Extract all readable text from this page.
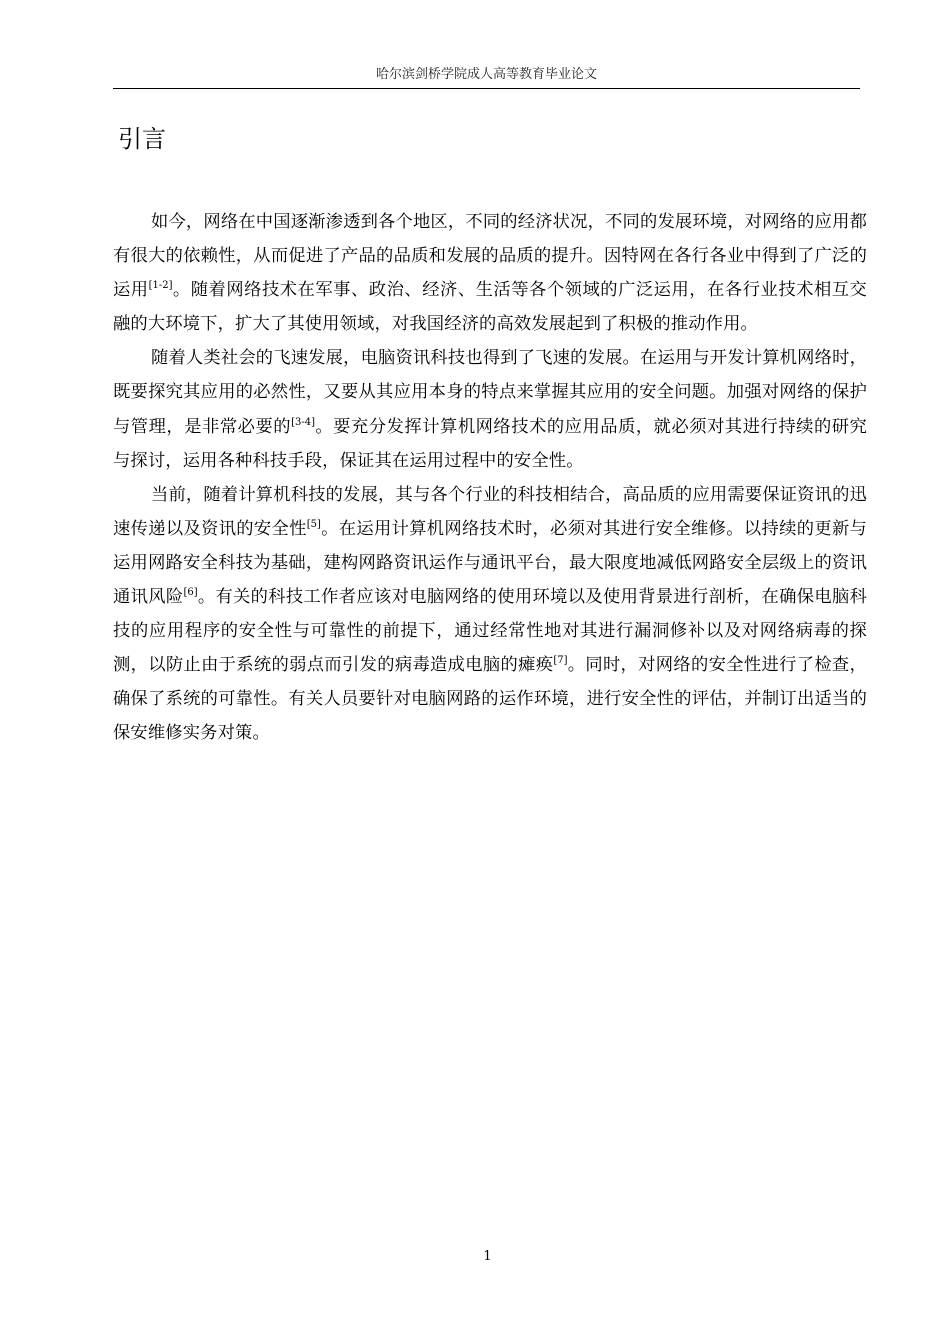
哈尔滨剑桥学院成人高等教育毕业论文
引言

如今，网络在中国逐渐渗透到各个地区，不同的经济状况，不同的发展环境，对网络的应用都有很大的依赖性，从而促进了产品的品质和发展的品质的提升。因特网在各行各业中得到了广泛的运用[1-2]。随着网络技术在军事、政治、经济、生活等各个领域的广泛运用，在各行业技术相互交融的大环境下，扩大了其使用领域，对我国经济的高效发展起到了积极的推动作用。

随着人类社会的飞速发展，电脑资讯科技也得到了飞速的发展。在运用与开发计算机网络时，既要探究其应用的必然性，又要从其应用本身的特点来掌握其应用的安全问题。加强对网络的保护与管理，是非常必要的[3-4]。要充分发挥计算机网络技术的应用品质，就必须对其进行持续的研究与探讨，运用各种科技手段，保证其在运用过程中的安全性。

当前，随着计算机科技的发展，其与各个行业的科技相结合，高品质的应用需要保证资讯的迅速传递以及资讯的安全性[5]。在运用计算机网络技术时，必须对其进行安全维修。以持续的更新与运用网路安全科技为基础，建构网路资讯运作与通讯平台，最大限度地减低网路安全层级上的资讯通讯风险[6]。有关的科技工作者应该对电脑网络的使用环境以及使用背景进行剖析，在确保电脑科技的应用程序的安全性与可靠性的前提下，通过经常性地对其进行漏洞修补以及对网络病毒的探测，以防止由于系统的弱点而引发的病毒造成电脑的瘫痪[7]。同时，对网络的安全性进行了检查，确保了系统的可靠性。有关人员要针对电脑网路的运作环境，进行安全性的评估，并制订出适当的保安维修实务对策。

1
